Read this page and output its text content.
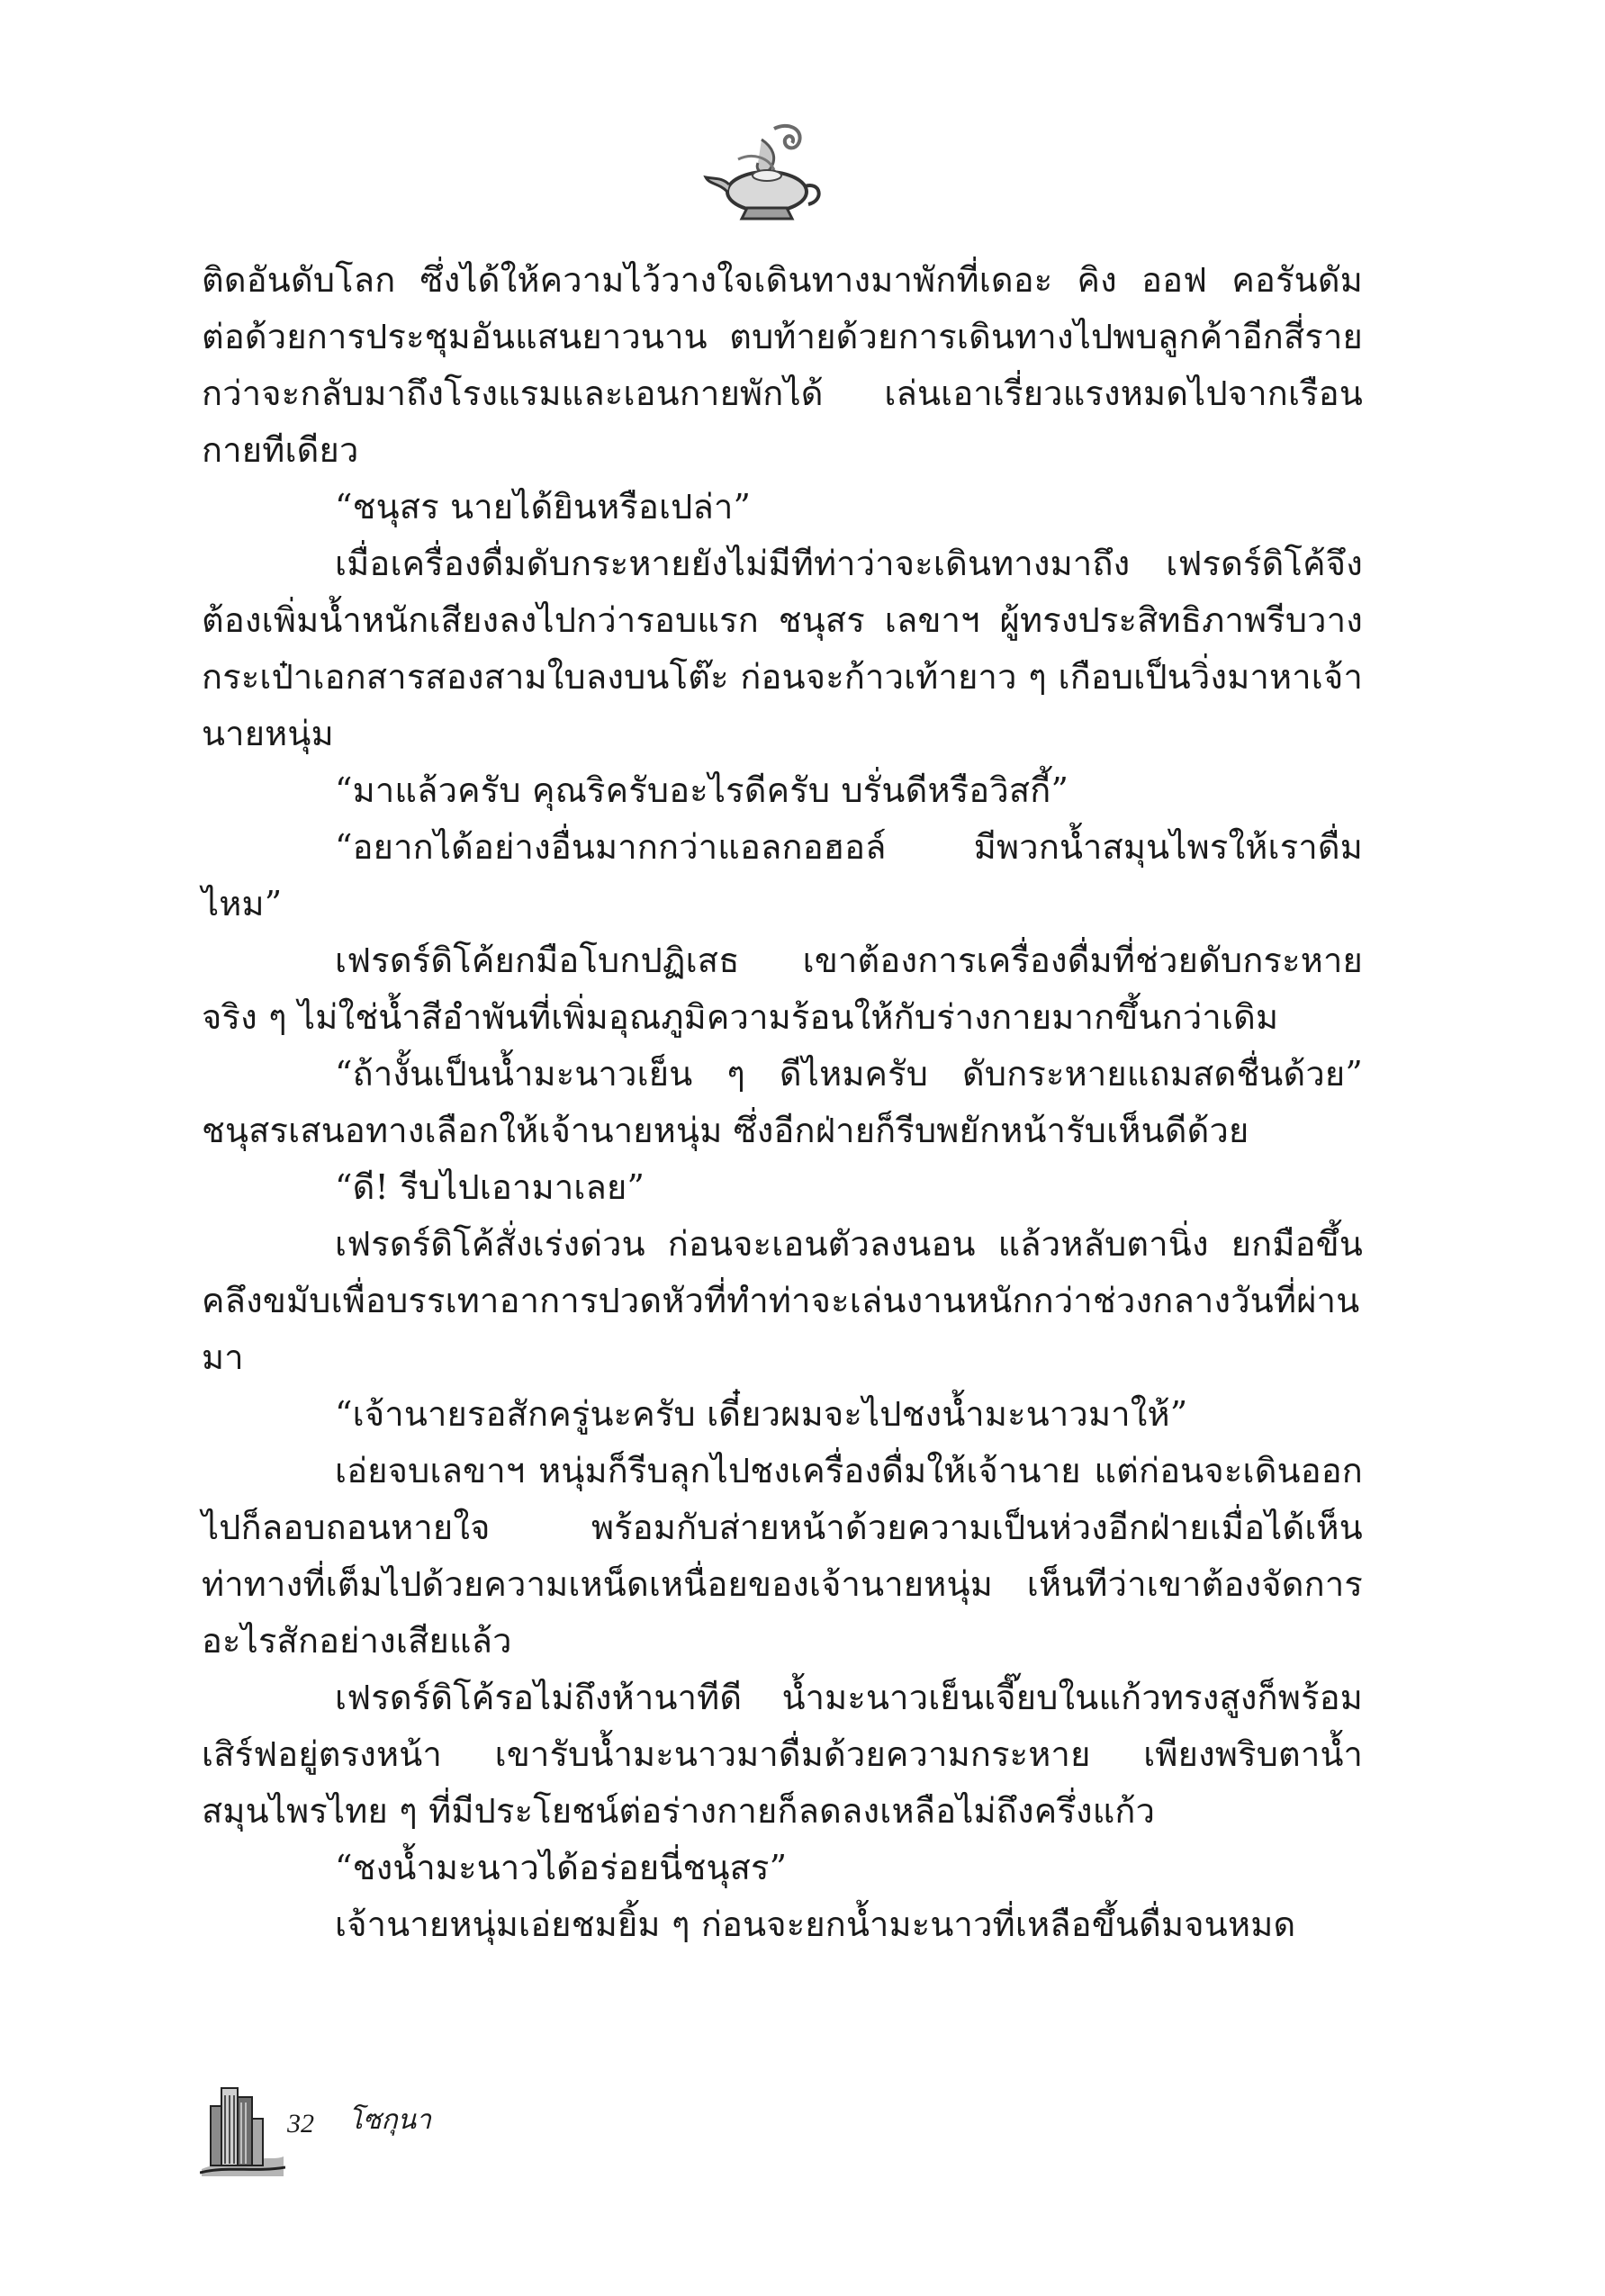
ติดอันดับโลก ซึ่งได้ให้ความไว้วางใจเดินทางมาพักที่เดอะ คิง ออฟ คอรันดัม ต่อด้วยการประชุมอันแสนยาวนาน ตบท้ายด้วยการเดินทางไปพบลูกค้าอีกสี่ราย กว่าจะกลับมาถึงโรงแรมและเอนกายพักได้ เล่นเอาเรี่ยวแรงหมดไปจากเรือนกายทีเดียว

“ชนุสร นายได้ยินหรือเปล่า”

เมื่อเครื่องดื่มดับกระหายยังไม่มีทีท่าว่าจะเดินทางมาถึง เฟรดร์ดิโค้จึงต้องเพิ่มน้ำหนักเสียงลงไปกว่ารอบแรก ชนุสร เลขาฯ ผู้ทรงประสิทธิภาพรีบวางกระเป๋าเอกสารสองสามใบลงบนโต๊ะ ก่อนจะก้าวเท้ายาว ๆ เกือบเป็นวิ่งมาหาเจ้านายหนุ่ม

“มาแล้วครับ คุณริครับอะไรดีครับ บรั่นดีหรือวิสกี้”

“อยากได้อย่างอื่นมากกว่าแอลกอฮอล์ มีพวกน้ำสมุนไพรให้เราดื่มไหม”

เฟรดร์ดิโค้ยกมือโบกปฏิเสธ เขาต้องการเครื่องดื่มที่ช่วยดับกระหายจริง ๆ ไม่ใช่น้ำสีอำพันที่เพิ่มอุณภูมิความร้อนให้กับร่างกายมากขึ้นกว่าเดิม

“ถ้างั้นเป็นน้ำมะนาวเย็น ๆ ดีไหมครับ ดับกระหายแถมสดชื่นด้วย” ชนุสรเสนอทางเลือกให้เจ้านายหนุ่ม ซึ่งอีกฝ่ายก็รีบพยักหน้ารับเห็นดีด้วย

“ดี! รีบไปเอามาเลย”

เฟรดร์ดิโค้สั่งเร่งด่วน ก่อนจะเอนตัวลงนอน แล้วหลับตานิ่ง ยกมือขึ้นคลึงขมับเพื่อบรรเทาอาการปวดหัวที่ทำท่าจะเล่นงานหนักกว่าช่วงกลางวันที่ผ่านมา

“เจ้านายรอสักครู่นะครับ เดี๋ยวผมจะไปชงน้ำมะนาวมาให้”

เอ่ยจบเลขาฯ หนุ่มก็รีบลุกไปชงเครื่องดื่มให้เจ้านาย แต่ก่อนจะเดินออกไปก็ลอบถอนหายใจ พร้อมกับส่ายหน้าด้วยความเป็นห่วงอีกฝ่ายเมื่อได้เห็นท่าทางที่เต็มไปด้วยความเหน็ดเหนื่อยของเจ้านายหนุ่ม เห็นทีว่าเขาต้องจัดการอะไรสักอย่างเสียแล้ว

เฟรดร์ดิโค้รอไม่ถึงห้านาทีดี น้ำมะนาวเย็นเจี๊ยบในแก้วทรงสูงก็พร้อมเสิร์ฟอยู่ตรงหน้า เขารับน้ำมะนาวมาดื่มด้วยความกระหาย เพียงพริบตาน้ำสมุนไพรไทย ๆ ที่มีประโยชน์ต่อร่างกายก็ลดลงเหลือไม่ถึงครึ่งแก้ว

“ชงน้ำมะนาวได้อร่อยนี่ชนุสร”

เจ้านายหนุ่มเอ่ยชมยิ้ม ๆ ก่อนจะยกน้ำมะนาวที่เหลือขึ้นดื่มจนหมด

32 โซกุนา
